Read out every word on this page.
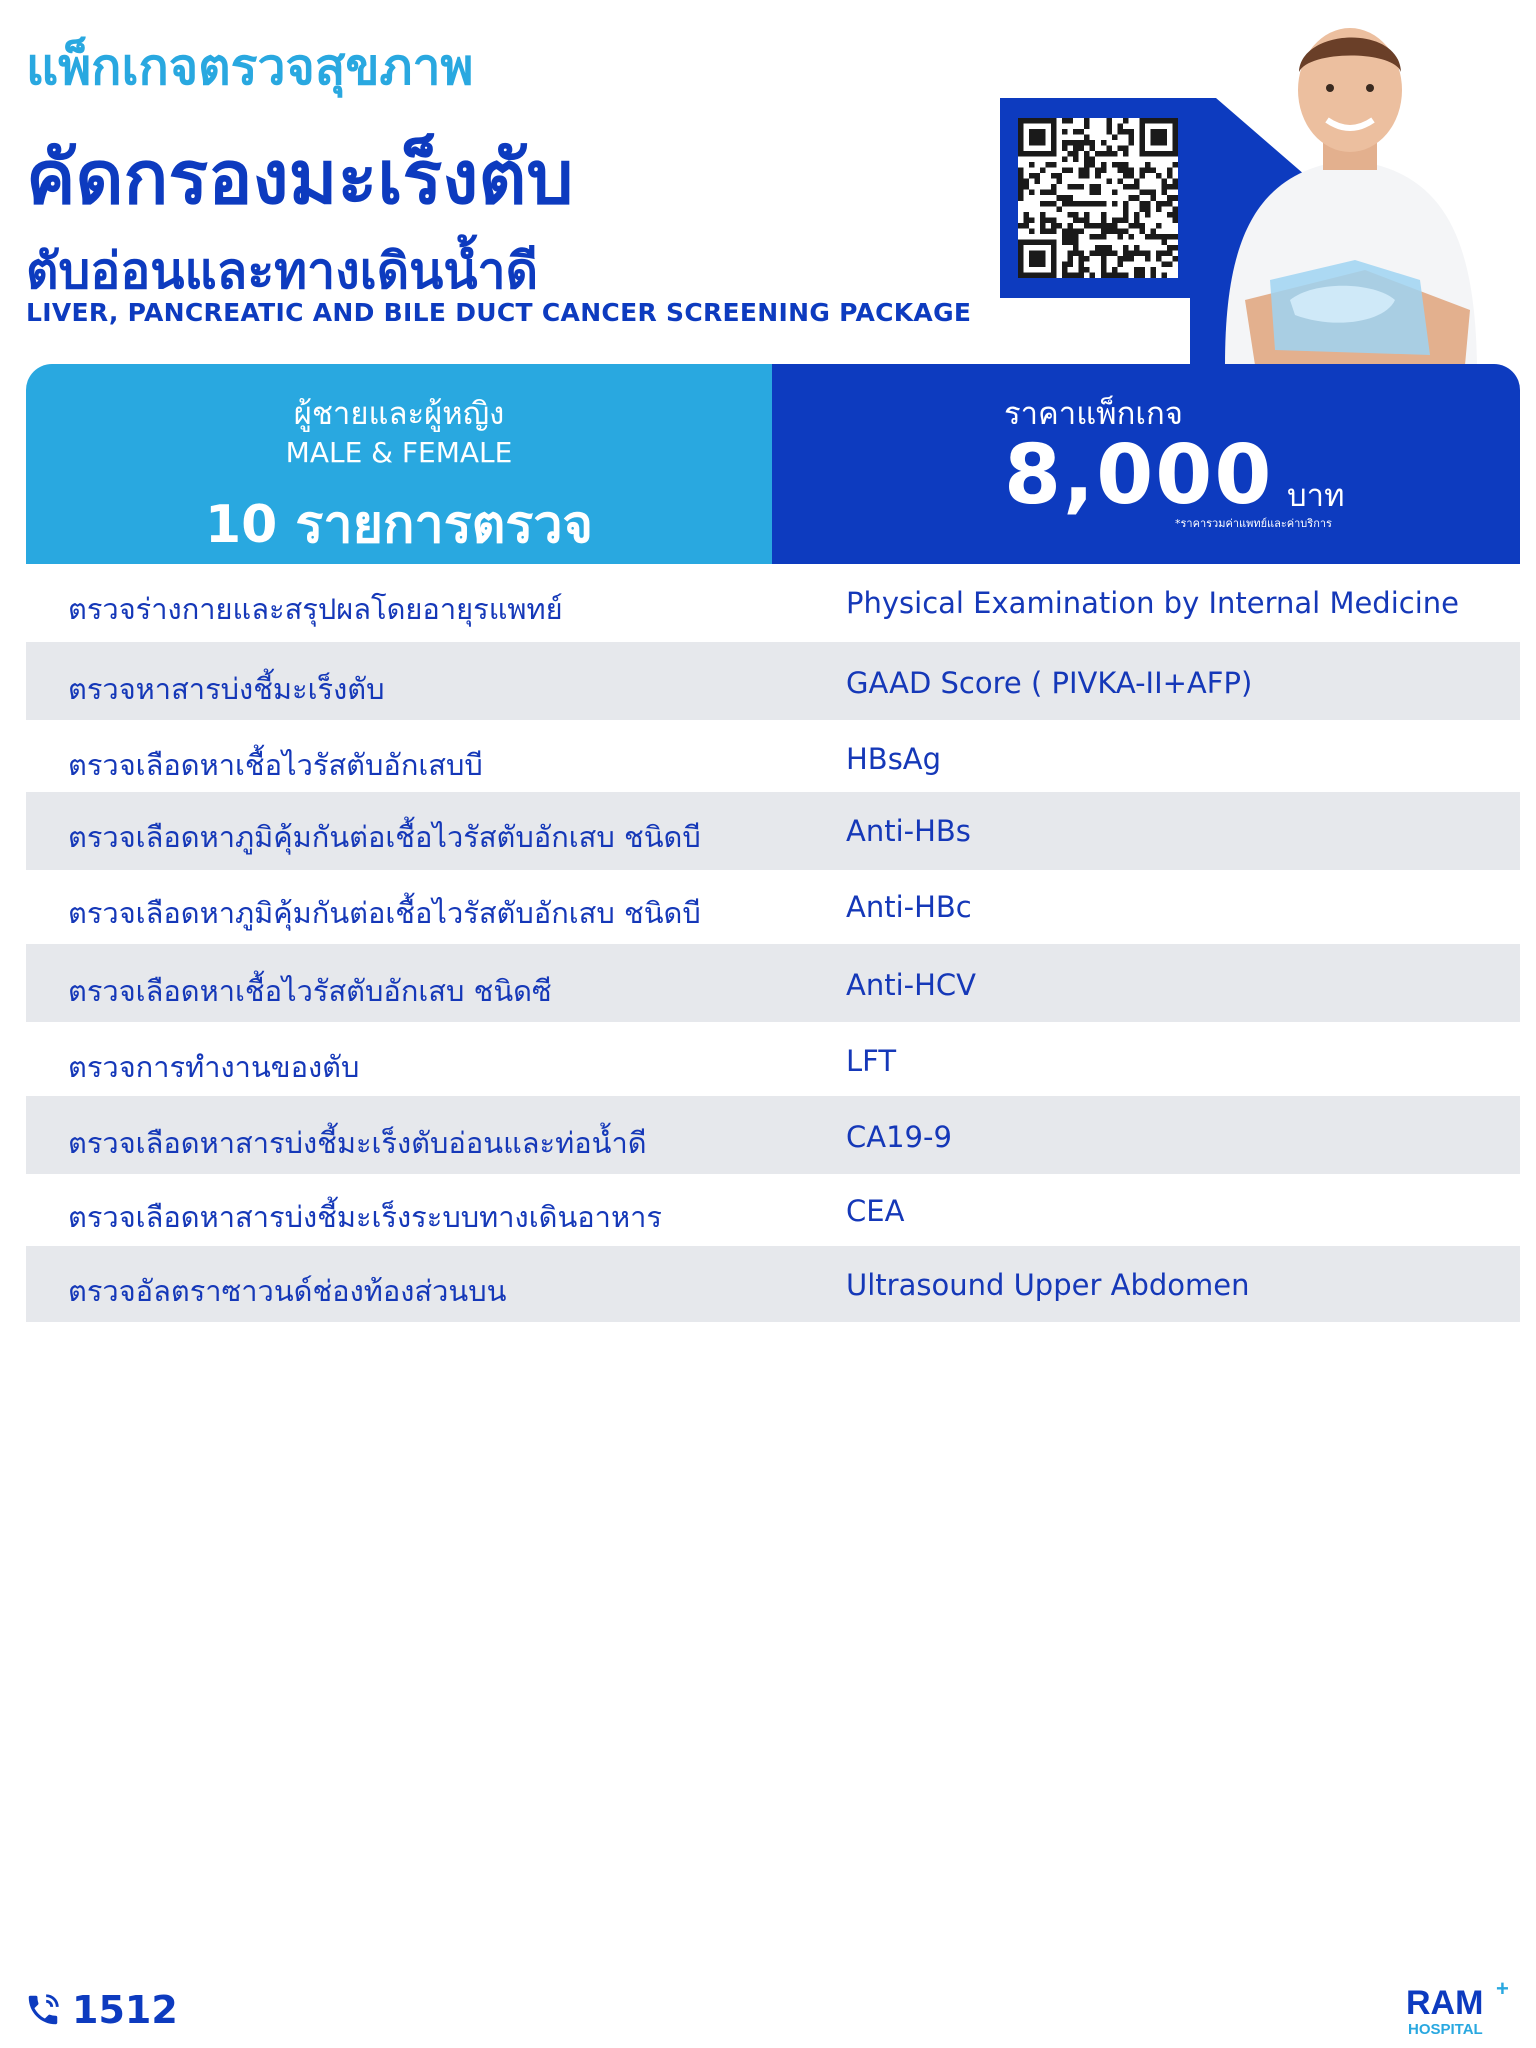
แพ็กเกจตรวจสุขภาพ
คัดกรองมะเร็งตับ
ตับอ่อนและทางเดินน้ำดี
LIVER, PANCREATIC AND BILE DUCT CANCER SCREENING PACKAGE
ผู้ชายและผู้หญิง
MALE & FEMALE
10 รายการตรวจ
ราคาแพ็กเกจ
8,000 บาท
*ราคารวมค่าแพทย์และค่าบริการ
ตรวจร่างกายและสรุปผลโดยอายุรแพทย์	Physical Examination by Internal Medicine
ตรวจหาสารบ่งชี้มะเร็งตับ	GAAD Score ( PIVKA-II+AFP)
ตรวจเลือดหาเชื้อไวรัสตับอักเสบบี	HBsAg
ตรวจเลือดหาภูมิคุ้มกันต่อเชื้อไวรัสตับอักเสบ ชนิดบี	Anti-HBs
ตรวจเลือดหาภูมิคุ้มกันต่อเชื้อไวรัสตับอักเสบ ชนิดบี	Anti-HBc
ตรวจเลือดหาเชื้อไวรัสตับอักเสบ ชนิดซี	Anti-HCV
ตรวจการทำงานของตับ	LFT
ตรวจเลือดหาสารบ่งชี้มะเร็งตับอ่อนและท่อน้ำดี	CA19-9
ตรวจเลือดหาสารบ่งชี้มะเร็งระบบทางเดินอาหาร	CEA
ตรวจอัลตราซาวนด์ช่องท้องส่วนบน	Ultrasound Upper Abdomen
1512	RAM +
HOSPITAL
